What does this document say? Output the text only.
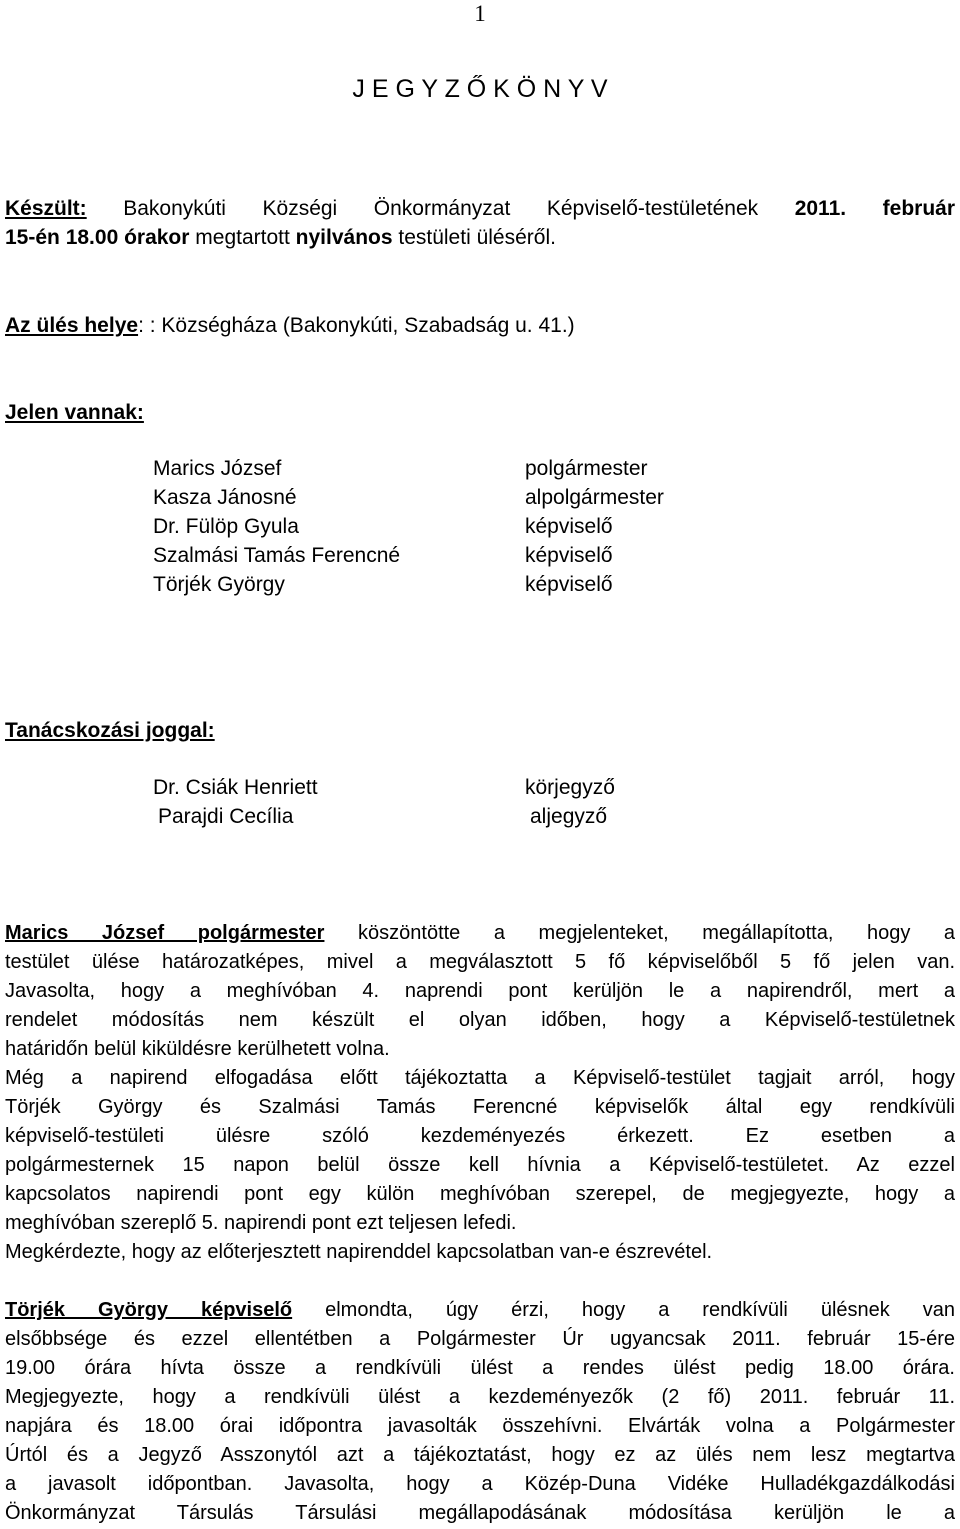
1
J E G Y Z Ő K Ö N Y V
Készült: Bakonykúti Községi Önkormányzat Képviselő-testületének 2011. február
15-én 18.00 órakor megtartott nyilvános testületi üléséről.
Az ülés helye: : Községháza (Bakonykúti, Szabadság u. 41.)
Jelen vannak:
Marics József	polgármester
Kasza Jánosné	alpolgármester
Dr. Fülöp Gyula	képviselő
Szalmási Tamás Ferencné	képviselő
Törjék György	képviselő
Tanácskozási joggal:
Dr. Csiák Henriett	körjegyző
Parajdi Cecília	aljegyző
Marics József polgármester köszöntötte a megjelenteket, megállapította, hogy a
testület ülése határozatképes, mivel a megválasztott 5 fő képviselőből 5 fő jelen van.
Javasolta, hogy a meghívóban 4. naprendi pont kerüljön le a napirendről, mert a
rendelet módosítás nem készült el olyan időben, hogy a Képviselő-testületnek
határidőn belül kiküldésre kerülhetett volna.
Még a napirend elfogadása előtt tájékoztatta a Képviselő-testület tagjait arról, hogy
Törjék György és Szalmási Tamás Ferencné képviselők által egy rendkívüli
képviselő-testületi ülésre szóló kezdeményezés érkezett. Ez esetben a
polgármesternek 15 napon belül össze kell hívnia a Képviselő-testületet. Az ezzel
kapcsolatos napirendi pont egy külön meghívóban szerepel, de megjegyezte, hogy a
meghívóban szereplő 5. napirendi pont ezt teljesen lefedi.
Megkérdezte, hogy az előterjesztett napirenddel kapcsolatban van-e észrevétel.
Törjék György képviselő elmondta, úgy érzi, hogy a rendkívüli ülésnek van
elsőbbsége és ezzel ellentétben a Polgármester Úr ugyancsak 2011. február 15-ére
19.00 órára hívta össze a rendkívüli ülést a rendes ülést pedig 18.00 órára.
Megjegyezte, hogy a rendkívüli ülést a kezdeményezők (2 fő) 2011. február 11.
napjára és 18.00 órai időpontra javasolták összehívni. Elvárták volna a Polgármester
Úrtól és a Jegyző Asszonytól azt a tájékoztatást, hogy ez az ülés nem lesz megtartva
a javasolt időpontban. Javasolta, hogy a Közép-Duna Vidéke Hulladékgazdálkodási
Önkormányzat Társulás Társulási megállapodásának módosítása kerüljön le a
